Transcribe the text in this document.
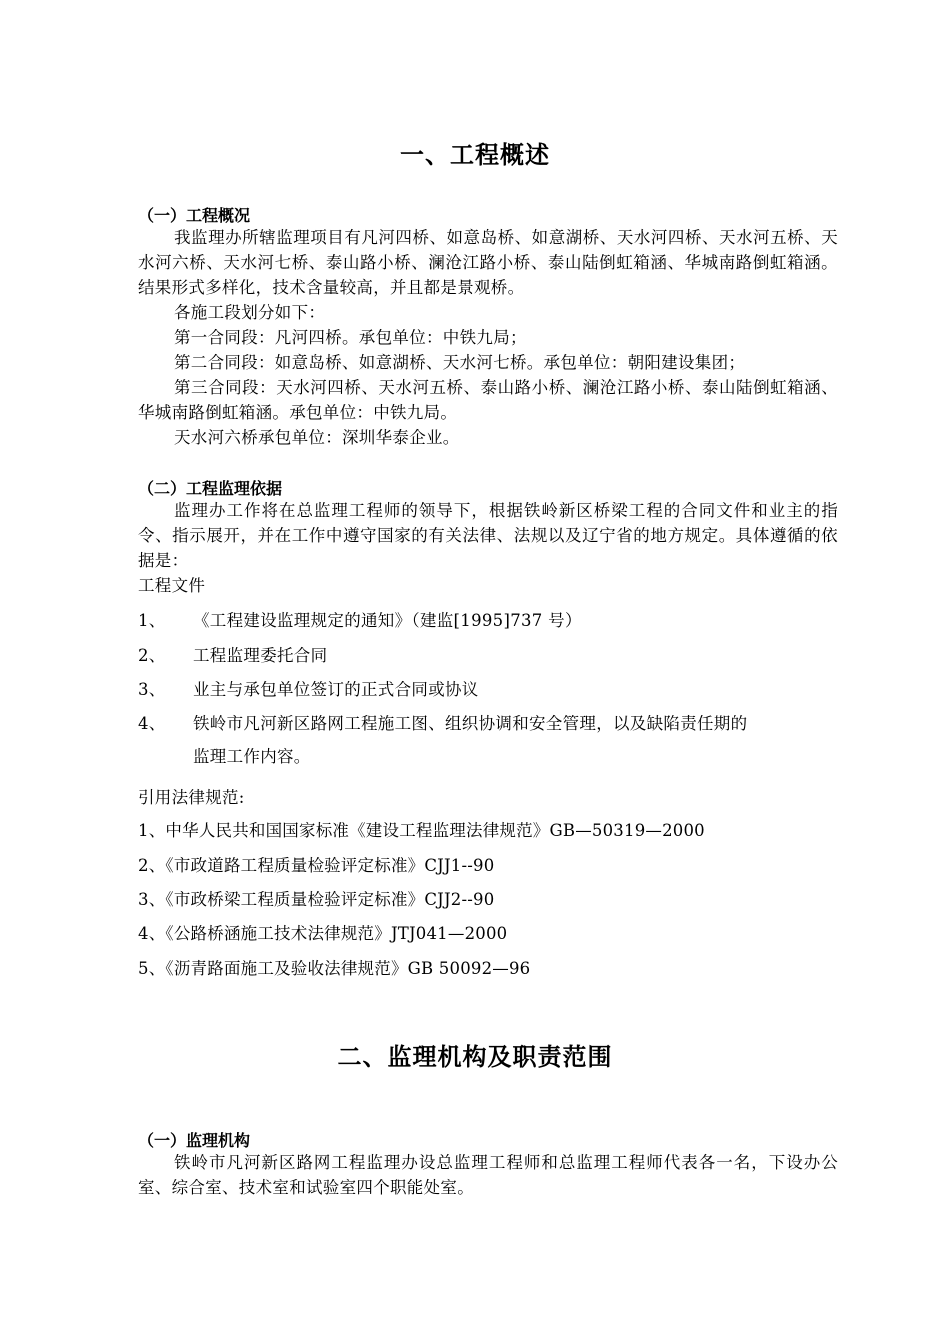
一、工程概述
（一）工程概况

我监理办所辖监理项目有凡河四桥、如意岛桥、如意湖桥、天水河四桥、天水河五桥、天水河六桥、天水河七桥、泰山路小桥、澜沧江路小桥、泰山陆倒虹箱涵、华城南路倒虹箱涵。结果形式多样化，技术含量较高，并且都是景观桥。

各施工段划分如下：

第一合同段：凡河四桥。承包单位：中铁九局；

第二合同段：如意岛桥、如意湖桥、天水河七桥。承包单位：朝阳建设集团；

第三合同段：天水河四桥、天水河五桥、泰山路小桥、澜沧江路小桥、泰山陆倒虹箱涵、华城南路倒虹箱涵。承包单位：中铁九局。

天水河六桥承包单位：深圳华泰企业。

（二）工程监理依据

监理办工作将在总监理工程师的领导下，根据铁岭新区桥梁工程的合同文件和业主的指令、指示展开，并在工作中遵守国家的有关法律、法规以及辽宁省的地方规定。具体遵循的依据是：

工程文件

1、 《工程建设监理规定的通知》（建监[1995]737 号）
2、 工程监理委托合同
3、 业主与承包单位签订的正式合同或协议
4、 铁岭市凡河新区路网工程施工图、组织协调和安全管理，以及缺陷责任期的
监理工作内容。

引用法律规范:

1、中华人民共和国国家标准《建设工程监理法律规范》GB—50319—2000
2、《市政道路工程质量检验评定标准》CJJ1--90
3、《市政桥梁工程质量检验评定标准》CJJ2--90
4、《公路桥涵施工技术法律规范》JTJ041—2000
5、《沥青路面施工及验收法律规范》GB 50092—96
二、监理机构及职责范围
（一）监理机构

铁岭市凡河新区路网工程监理办设总监理工程师和总监理工程师代表各一名，下设办公室、综合室、技术室和试验室四个职能处室。
